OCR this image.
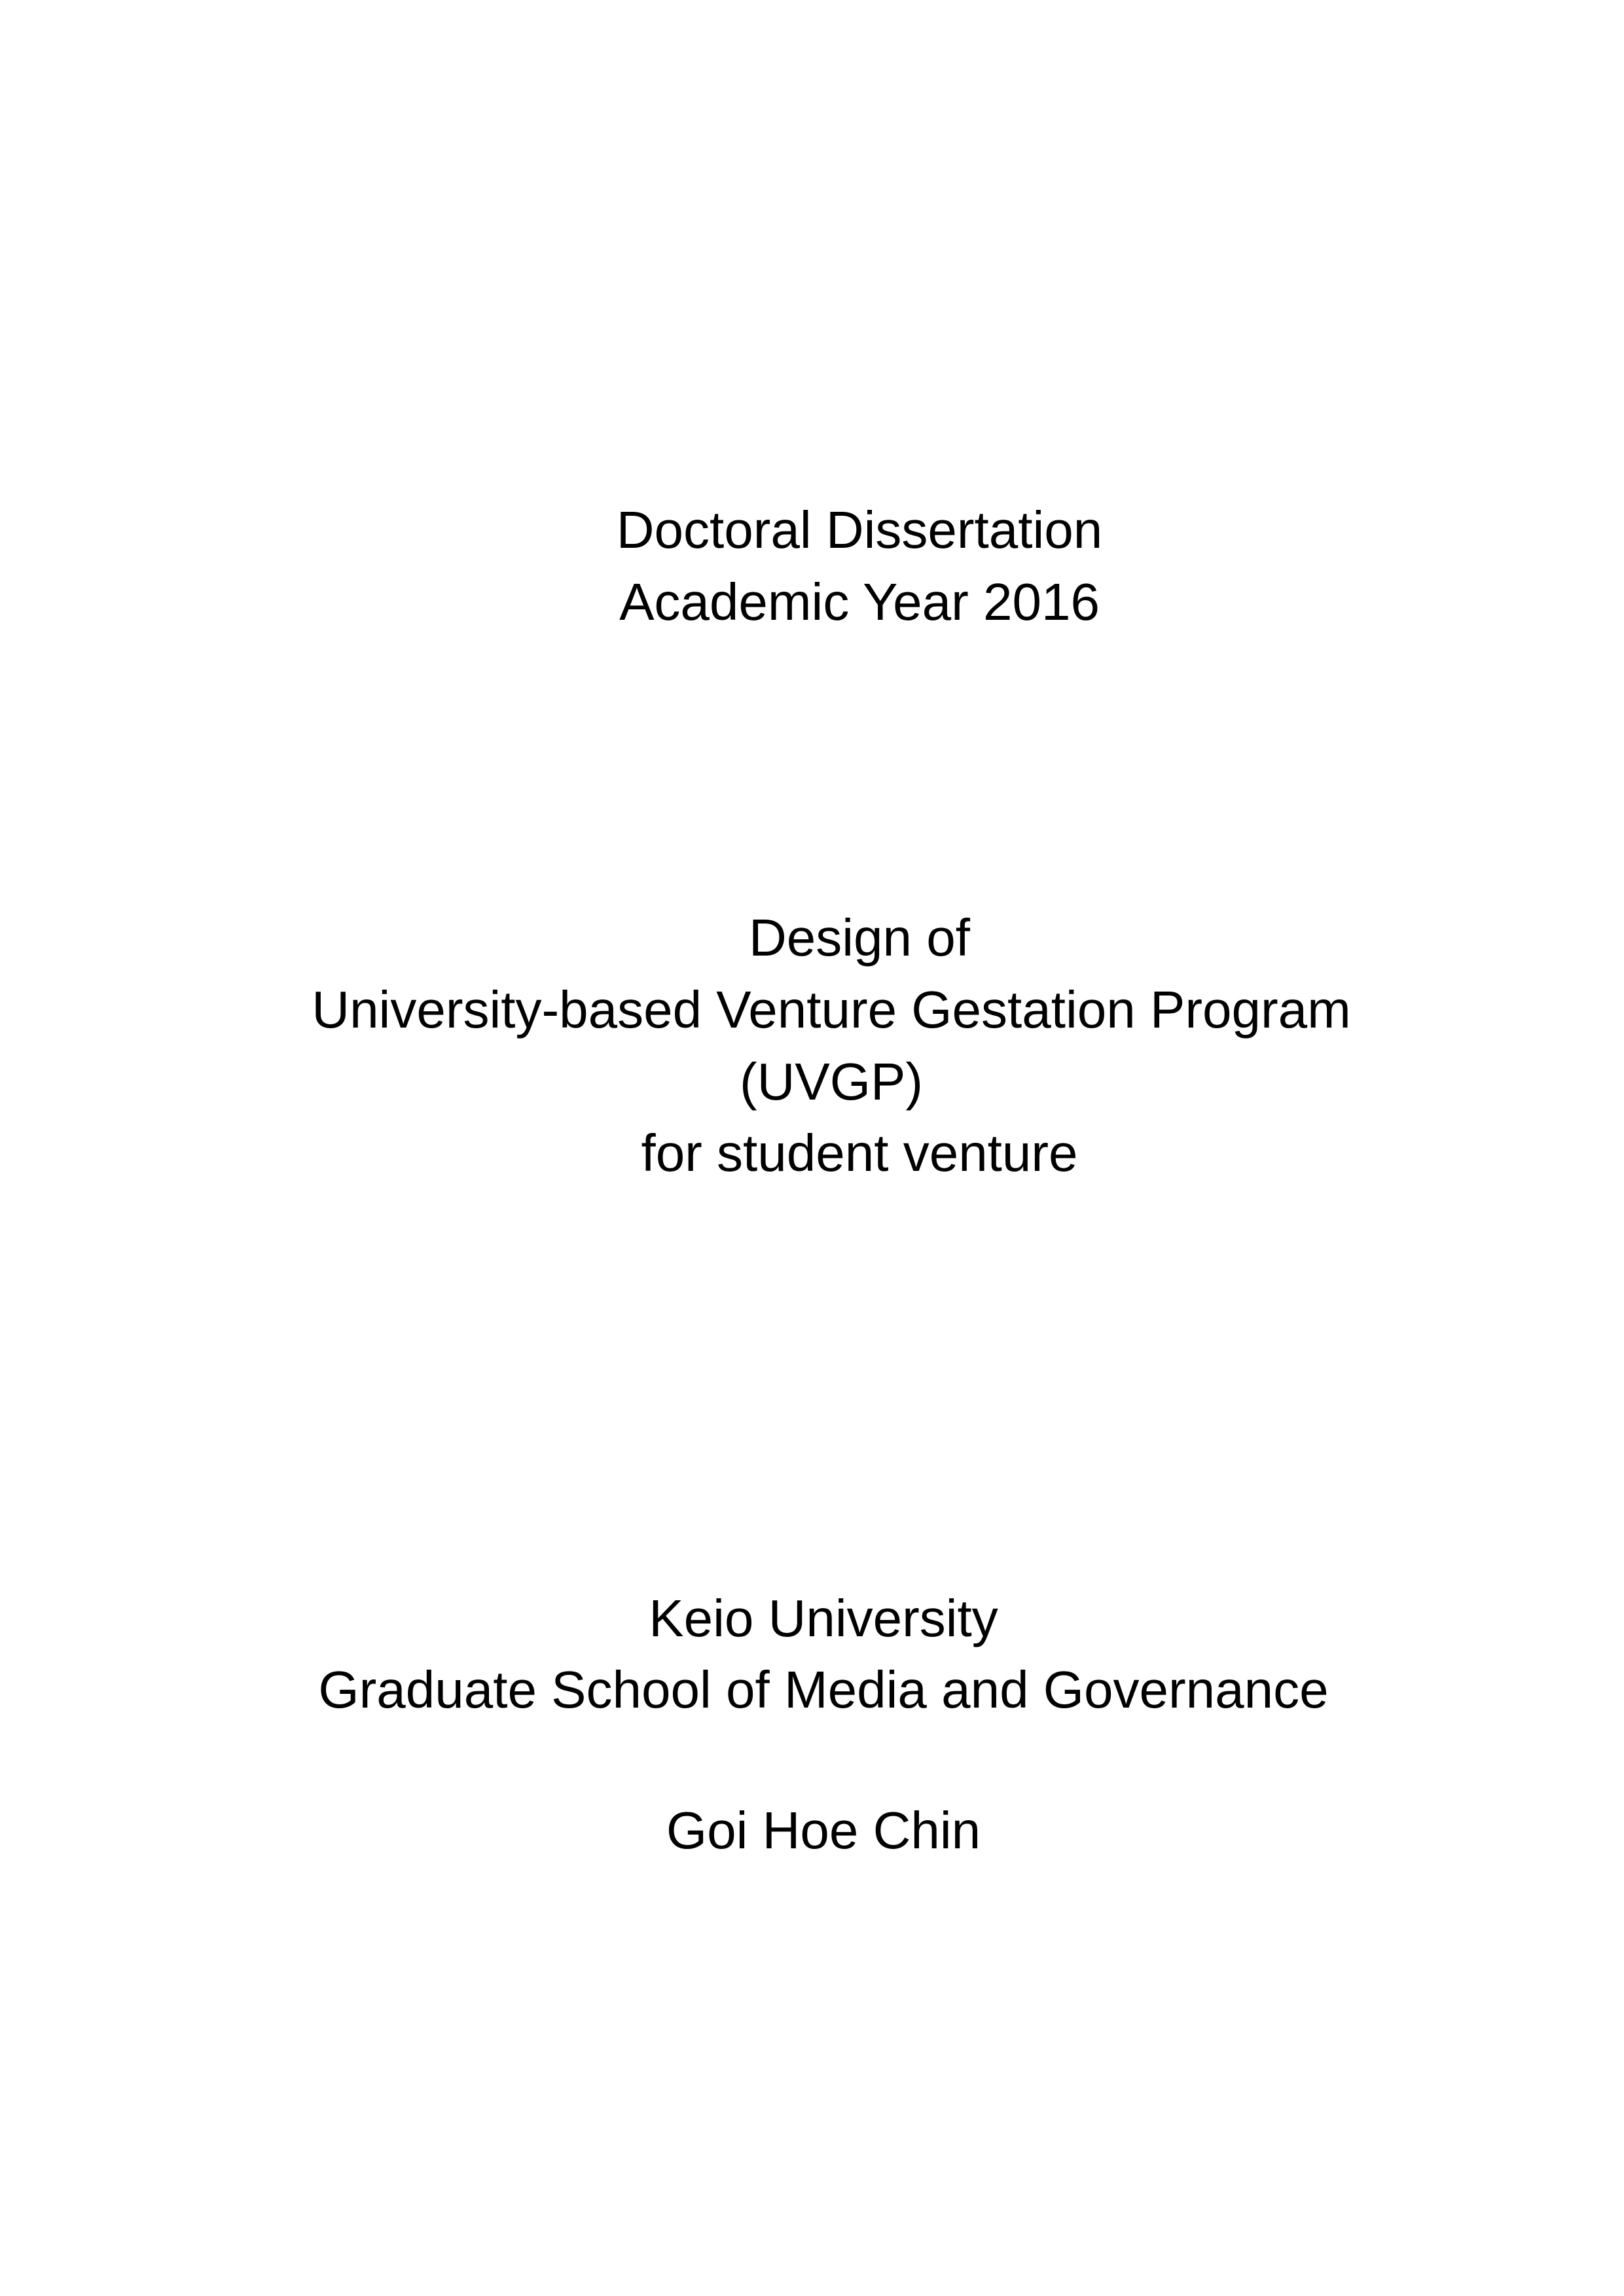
Doctoral Dissertation
Academic Year 2016
Design of
University-based Venture Gestation Program
(UVGP)
for student venture
Keio University
Graduate School of Media and Governance
Goi Hoe Chin
